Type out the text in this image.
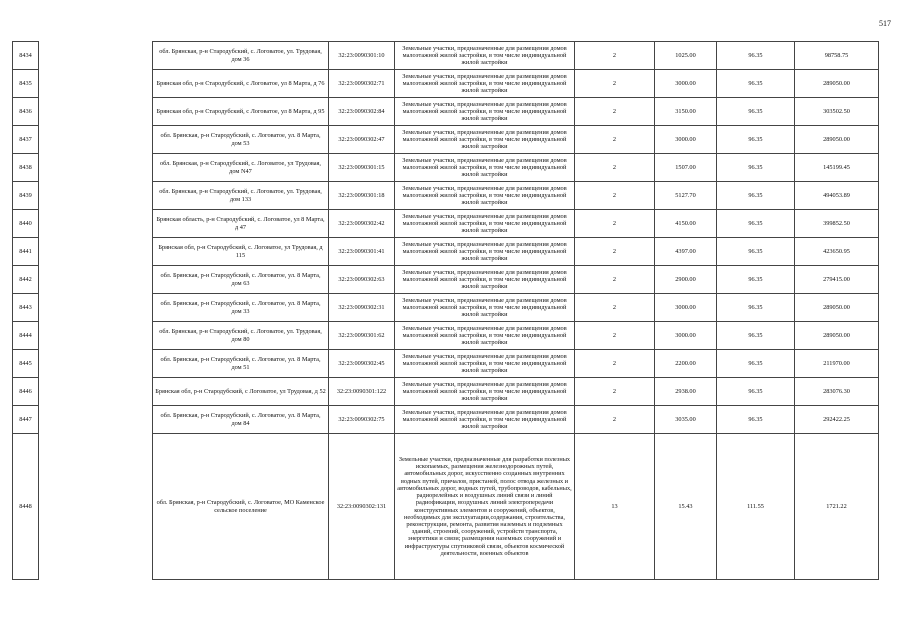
517
8434		обл. Брянская, р-н Стародубский, с. Логоватое, ул. Трудовая, дом 36	32:23:0090301:10	Земельные участки, предназначенные для размещения домов малоэтажной жилой застройки, в том числе индивидуальной жилой застройки	2	1025.00	96.35	98758.75
8435		Брянская обл, р-н Стародубский, с Логоватое, ул 8 Марта, д 76	32:23:0090302:71	Земельные участки, предназначенные для размещения домов малоэтажной жилой застройки, в том числе индивидуальной жилой застройки	2	3000.00	96.35	289050.00
8436		Брянская обл, р-н Стародубский, с Логоватое, ул 8 Марта, д 95	32:23:0090302:84	Земельные участки, предназначенные для размещения домов малоэтажной жилой застройки, в том числе индивидуальной жилой застройки	2	3150.00	96.35	303502.50
8437		обл. Брянская, р-н Стародубский, с. Логоватое, ул. 8 Марта, дом 53	32:23:0090302:47	Земельные участки, предназначенные для размещения домов малоэтажной жилой застройки, в том числе индивидуальной жилой застройки	2	3000.00	96.35	289050.00
8438		обл. Брянская, р-н Стародубский, с. Логоватое, ул Трудовая, дом N47	32:23:0090301:15	Земельные участки, предназначенные для размещения домов малоэтажной жилой застройки, в том числе индивидуальной жилой застройки	2	1507.00	96.35	145199.45
8439		обл. Брянская, р-н Стародубский, с. Логоватое, ул. Трудовая, дом 133	32:23:0090301:18	Земельные участки, предназначенные для размещения домов малоэтажной жилой застройки, в том числе индивидуальной жилой застройки	2	5127.70	96.35	494053.89
8440		Брянская область, р-н Стародубский, с. Логоватое, ул 8 Марта, д 47	32:23:0090302:42	Земельные участки, предназначенные для размещения домов малоэтажной жилой застройки, в том числе индивидуальной жилой застройки	2	4150.00	96.35	399852.50
8441		Брянская обл, р-н Стародубский, с. Логоватое, ул Трудовая, д 115	32:23:0090301:41	Земельные участки, предназначенные для размещения домов малоэтажной жилой застройки, в том числе индивидуальной жилой застройки	2	4397.00	96.35	423650.95
8442		обл. Брянская, р-н Стародубский, с. Логоватое, ул. 8 Марта, дом 63	32:23:0090302:63	Земельные участки, предназначенные для размещения домов малоэтажной жилой застройки, в том числе индивидуальной жилой застройки	2	2900.00	96.35	279415.00
8443		обл. Брянская, р-н Стародубский, с. Логоватое, ул. 8 Марта, дом 33	32:23:0090302:31	Земельные участки, предназначенные для размещения домов малоэтажной жилой застройки, в том числе индивидуальной жилой застройки	2	3000.00	96.35	289050.00
8444		обл. Брянская, р-н Стародубский, с. Логоватое, ул. Трудовая, дом 80	32:23:0090301:62	Земельные участки, предназначенные для размещения домов малоэтажной жилой застройки, в том числе индивидуальной жилой застройки	2	3000.00	96.35	289050.00
8445		обл. Брянская, р-н Стародубский, с. Логоватое, ул. 8 Марта, дом 51	32:23:0090302:45	Земельные участки, предназначенные для размещения домов малоэтажной жилой застройки, в том числе индивидуальной жилой застройки	2	2200.00	96.35	211970.00
8446		Брянская обл, р-н Стародубский, с Логоватое, ул Трудовая, д 52	32:23:0090301:122	Земельные участки, предназначенные для размещения домов малоэтажной жилой застройки, в том числе индивидуальной жилой застройки	2	2938.00	96.35	283076.30
8447		обл. Брянская, р-н Стародубский, с. Логоватое, ул. 8 Марта, дом 84	32:23:0090302:75	Земельные участки, предназначенные для размещения домов малоэтажной жилой застройки, в том числе индивидуальной жилой застройки	2	3035.00	96.35	292422.25
8448		обл. Брянская, р-н Стародубский, с. Логоватое, МО Каменское сельское поселение	32:23:0090302:131	Земельные участки, предназначенные для разработки полезных ископаемых, размещения железнодорожных путей, автомобильных дорог, искусственно созданных внутренних водных путей, причалов, пристаней, полос отвода железных и автомобильных дорог, водных путей, трубопроводов, кабельных, радиорелейных и воздушных линий связи и линий радиофикации, воздушных линий электропередачи конструктивных элементов и сооружений, объектов, необходимых для эксплуатации,содержания, строительства, реконструкции, ремонта, развития наземных и подземных зданий, строений, сооружений, устройств транспорта, энергетики и связи; размещения наземных сооружений и инфраструктуры спутниковой связи, объектов космической деятельности, военных объектов	13	15.43	111.55	1721.22
